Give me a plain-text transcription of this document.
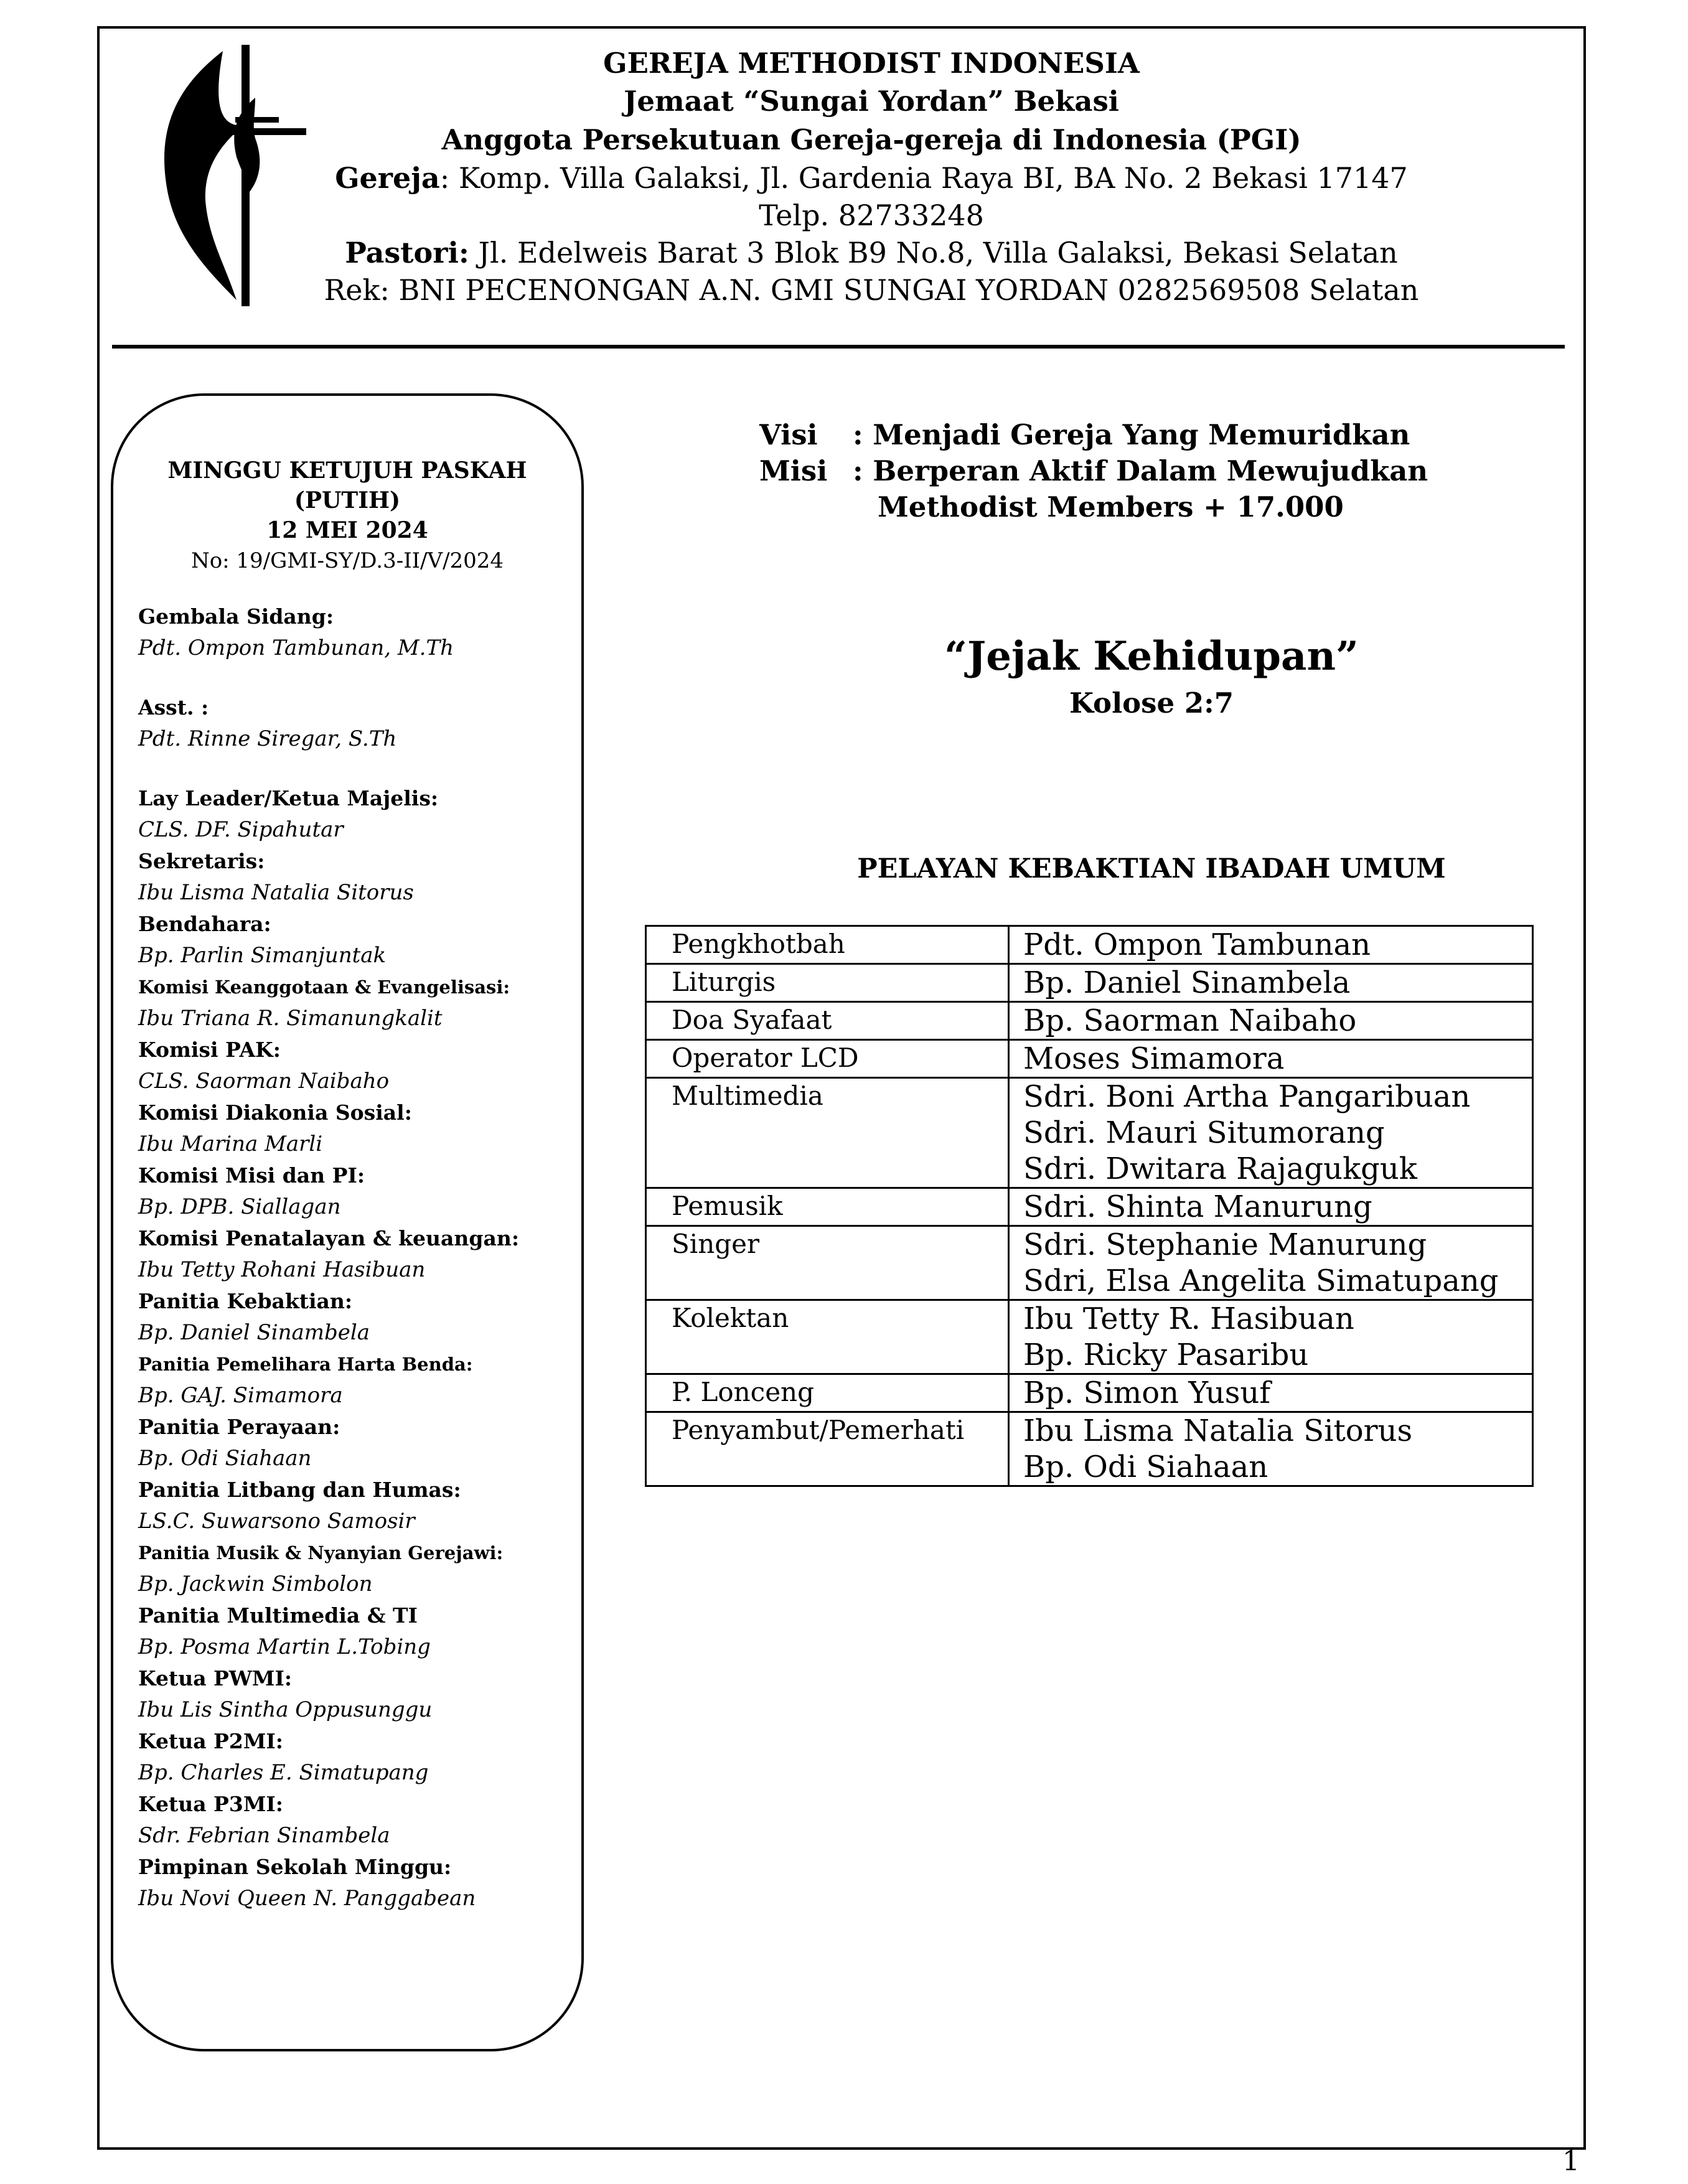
GEREJA METHODIST INDONESIA
Jemaat “Sungai Yordan” Bekasi
Anggota Persekutuan Gereja-gereja di Indonesia (PGI)
Gereja: Komp. Villa Galaksi, Jl. Gardenia Raya BI, BA No. 2 Bekasi 17147
Telp. 82733248
Pastori: Jl. Edelweis Barat 3 Blok B9 No.8, Villa Galaksi, Bekasi Selatan
Rek: BNI PECENONGAN A.N. GMI SUNGAI YORDAN 0282569508 Selatan
MINGGU KETUJUH PASKAH
(PUTIH)
12 MEI 2024
No: 19/GMI-SY/D.3-II/V/2024
Gembala Sidang:
Pdt. Ompon Tambunan, M.Th
Asst. :
Pdt. Rinne Siregar, S.Th
Lay Leader/Ketua Majelis:
CLS. DF. Sipahutar
Sekretaris:
Ibu Lisma Natalia Sitorus
Bendahara:
Bp. Parlin Simanjuntak
Komisi Keanggotaan & Evangelisasi:
Ibu Triana R. Simanungkalit
Komisi PAK:
CLS. Saorman Naibaho
Komisi Diakonia Sosial:
Ibu Marina Marli
Komisi Misi dan PI:
Bp. DPB. Siallagan
Komisi Penatalayan & keuangan:
Ibu Tetty Rohani Hasibuan
Panitia Kebaktian:
Bp. Daniel Sinambela
Panitia Pemelihara Harta Benda:
Bp. GAJ. Simamora
Panitia Perayaan:
Bp. Odi Siahaan
Panitia Litbang dan Humas:
LS.C. Suwarsono Samosir
Panitia Musik & Nyanyian Gerejawi:
Bp. Jackwin Simbolon
Panitia Multimedia & TI
Bp. Posma Martin L.Tobing
Ketua PWMI:
Ibu Lis Sintha Oppusunggu
Ketua P2MI:
Bp. Charles E. Simatupang
Ketua P3MI:
Sdr. Febrian Sinambela
Pimpinan Sekolah Minggu:
Ibu Novi Queen N. Panggabean
Visi	: Menjadi Gereja Yang Memuridkan
Misi : Berperan Aktif Dalam Mewujudkan
Methodist Members + 17.000
“Jejak Kehidupan”
Kolose 2:7
PELAYAN KEBAKTIAN IBADAH UMUM
Pengkhotbah	Pdt. Ompon Tambunan

Liturgis	Bp. Daniel Sinambela

Doa Syafaat	Bp. Saorman Naibaho

Operator LCD	Moses Simamora

Multimedia	Sdri. Boni Artha Pangaribuan
Sdri. Mauri Situmorang
Sdri. Dwitara Rajagukguk

Pemusik	Sdri. Shinta Manurung

Singer	Sdri. Stephanie Manurung
Sdri, Elsa Angelita Simatupang

Kolektan	Ibu Tetty R. Hasibuan
Bp. Ricky Pasaribu

P. Lonceng	Bp. Simon Yusuf

Penyambut/Pemerhati	Ibu Lisma Natalia Sitorus
Bp. Odi Siahaan
1
